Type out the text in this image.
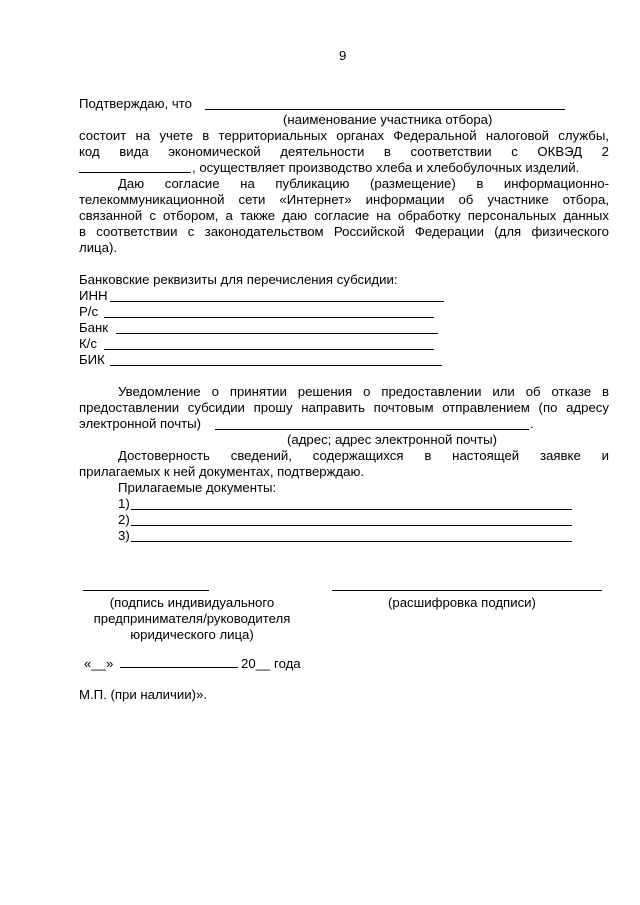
9
Подтверждаю, что
(наименование участника отбора)
состоит на учете в территориальных органах Федеральной налоговой службы,
код вида экономической деятельности в соответствии с ОКВЭД 2
, осуществляет производство хлеба и хлебобулочных изделий.
Даю согласие на публикацию (размещение) в информационно-
телекоммуникационной сети «Интернет» информации об участнике отбора,
связанной с отбором, а также даю согласие на обработку персональных данных
в соответствии с законодательством Российской Федерации (для физического
лица).
Банковские реквизиты для перечисления субсидии:
ИНН
Р/с
Банк
К/с
БИК
Уведомление о принятии решения о предоставлении или об отказе в
предоставлении субсидии прошу направить почтовым отправлением (по адресу
электронной почты)	.
(адрес; адрес электронной почты)
Достоверность сведений, содержащихся в настоящей заявке и
прилагаемых к ней документах, подтверждаю.
Прилагаемые документы:
1)
2)
3)
(подпись индивидуального
предпринимателя/руководителя
юридического лица)
(расшифровка подписи)
«__»	20__ года
М.П. (при наличии)».
